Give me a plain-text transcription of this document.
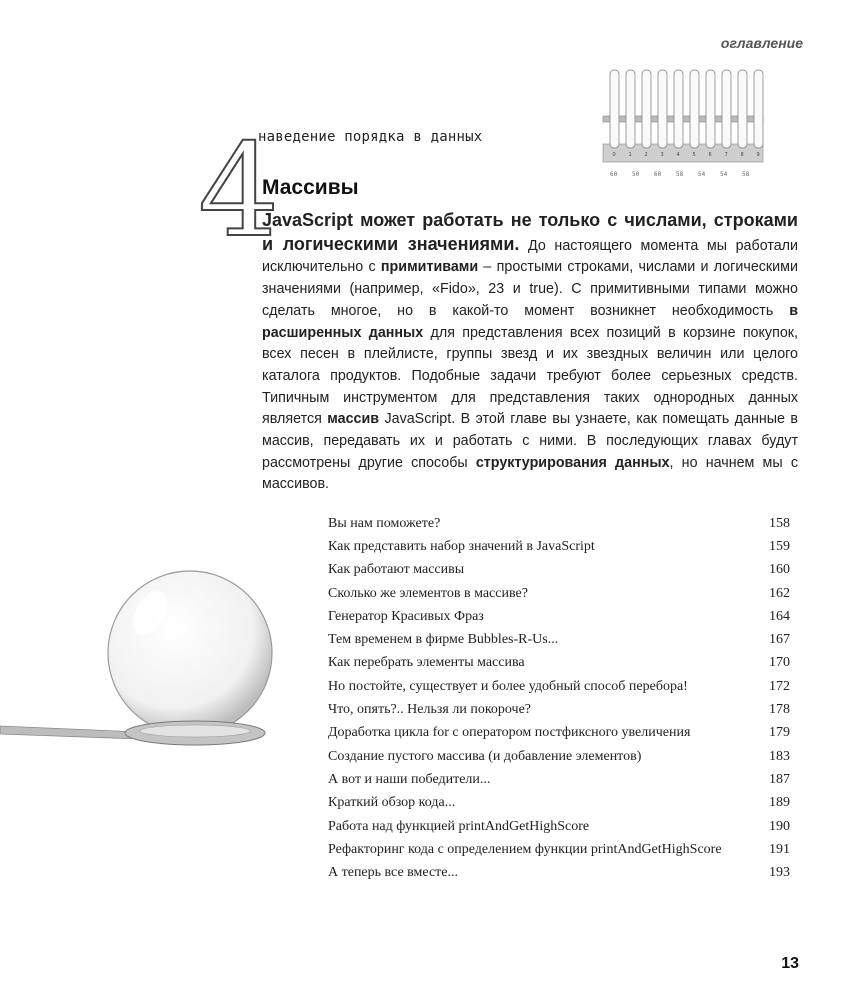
оглавление
0	1	2	3	4	5	6	7	8	9
60 50 60 58 54 54 58
4
наведение порядка в данных
Массивы
JavaScript может работать не только с числами, строками и логическими значениями. До настоящего момента мы работали исключительно с примитивами – простыми строками, числами и логическими значениями (например, «Fido», 23 и true). С примитивными типами можно сделать многое, но в какой-то момент возникнет необходимость в расширенных данных для представления всех позиций в корзине покупок, всех песен в плейлисте, группы звезд и их звездных величин или целого каталога продуктов. Подобные задачи требуют более серьезных средств. Типичным инструментом для представления таких однородных данных является массив JavaScript. В этой главе вы узнаете, как помещать данные в массив, передавать их и работать с ними. В последующих главах будут рассмотрены другие способы структурирования данных, но начнем мы с массивов.
Вы нам поможете?	158
Как представить набор значений в JavaScript	159
Как работают массивы	160
Сколько же элементов в массиве?	162
Генератор Красивых Фраз	164
Тем временем в фирме Bubbles-R-Us...	167
Как перебрать элементы массива	170
Но постойте, существует и более удобный способ перебора!	172
Что, опять?.. Нельзя ли покороче?	178
Доработка цикла for с оператором постфиксного увеличения	179
Создание пустого массива (и добавление элементов)	183
А вот и наши победители...	187
Краткий обзор кода...	189
Работа над функцией printAndGetHighScore	190
Рефакторинг кода с определением функции printAndGetHighScore	191
А теперь все вместе...	193
13
